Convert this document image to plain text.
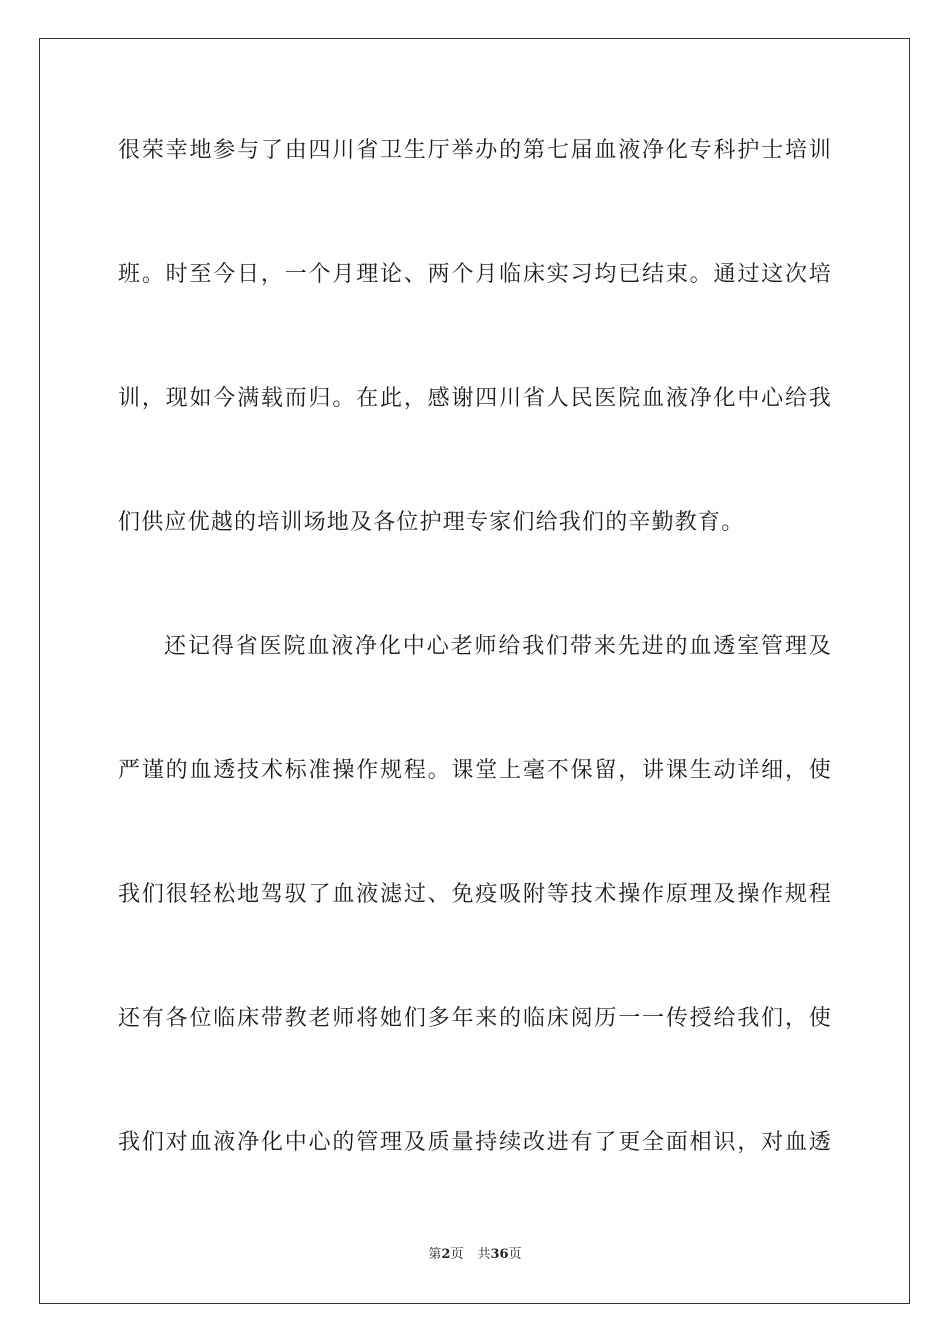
很荣幸地参与了由四川省卫生厅举办的第七届血液净化专科护士培训
班。时至今日，一个月理论、两个月临床实习均已结束。通过这次培
训，现如今满载而归。在此，感谢四川省人民医院血液净化中心给我
们供应优越的培训场地及各位护理专家们给我们的辛勤教育。
还记得省医院血液净化中心老师给我们带来先进的血透室管理及
严谨的血透技术标准操作规程。课堂上毫不保留，讲课生动详细，使
我们很轻松地驾驭了血液滤过、免疫吸附等技术操作原理及操作规程
还有各位临床带教老师将她们多年来的临床阅历一一传授给我们，使
我们对血液净化中心的管理及质量持续改进有了更全面相识，对血透
第2页 共36页
